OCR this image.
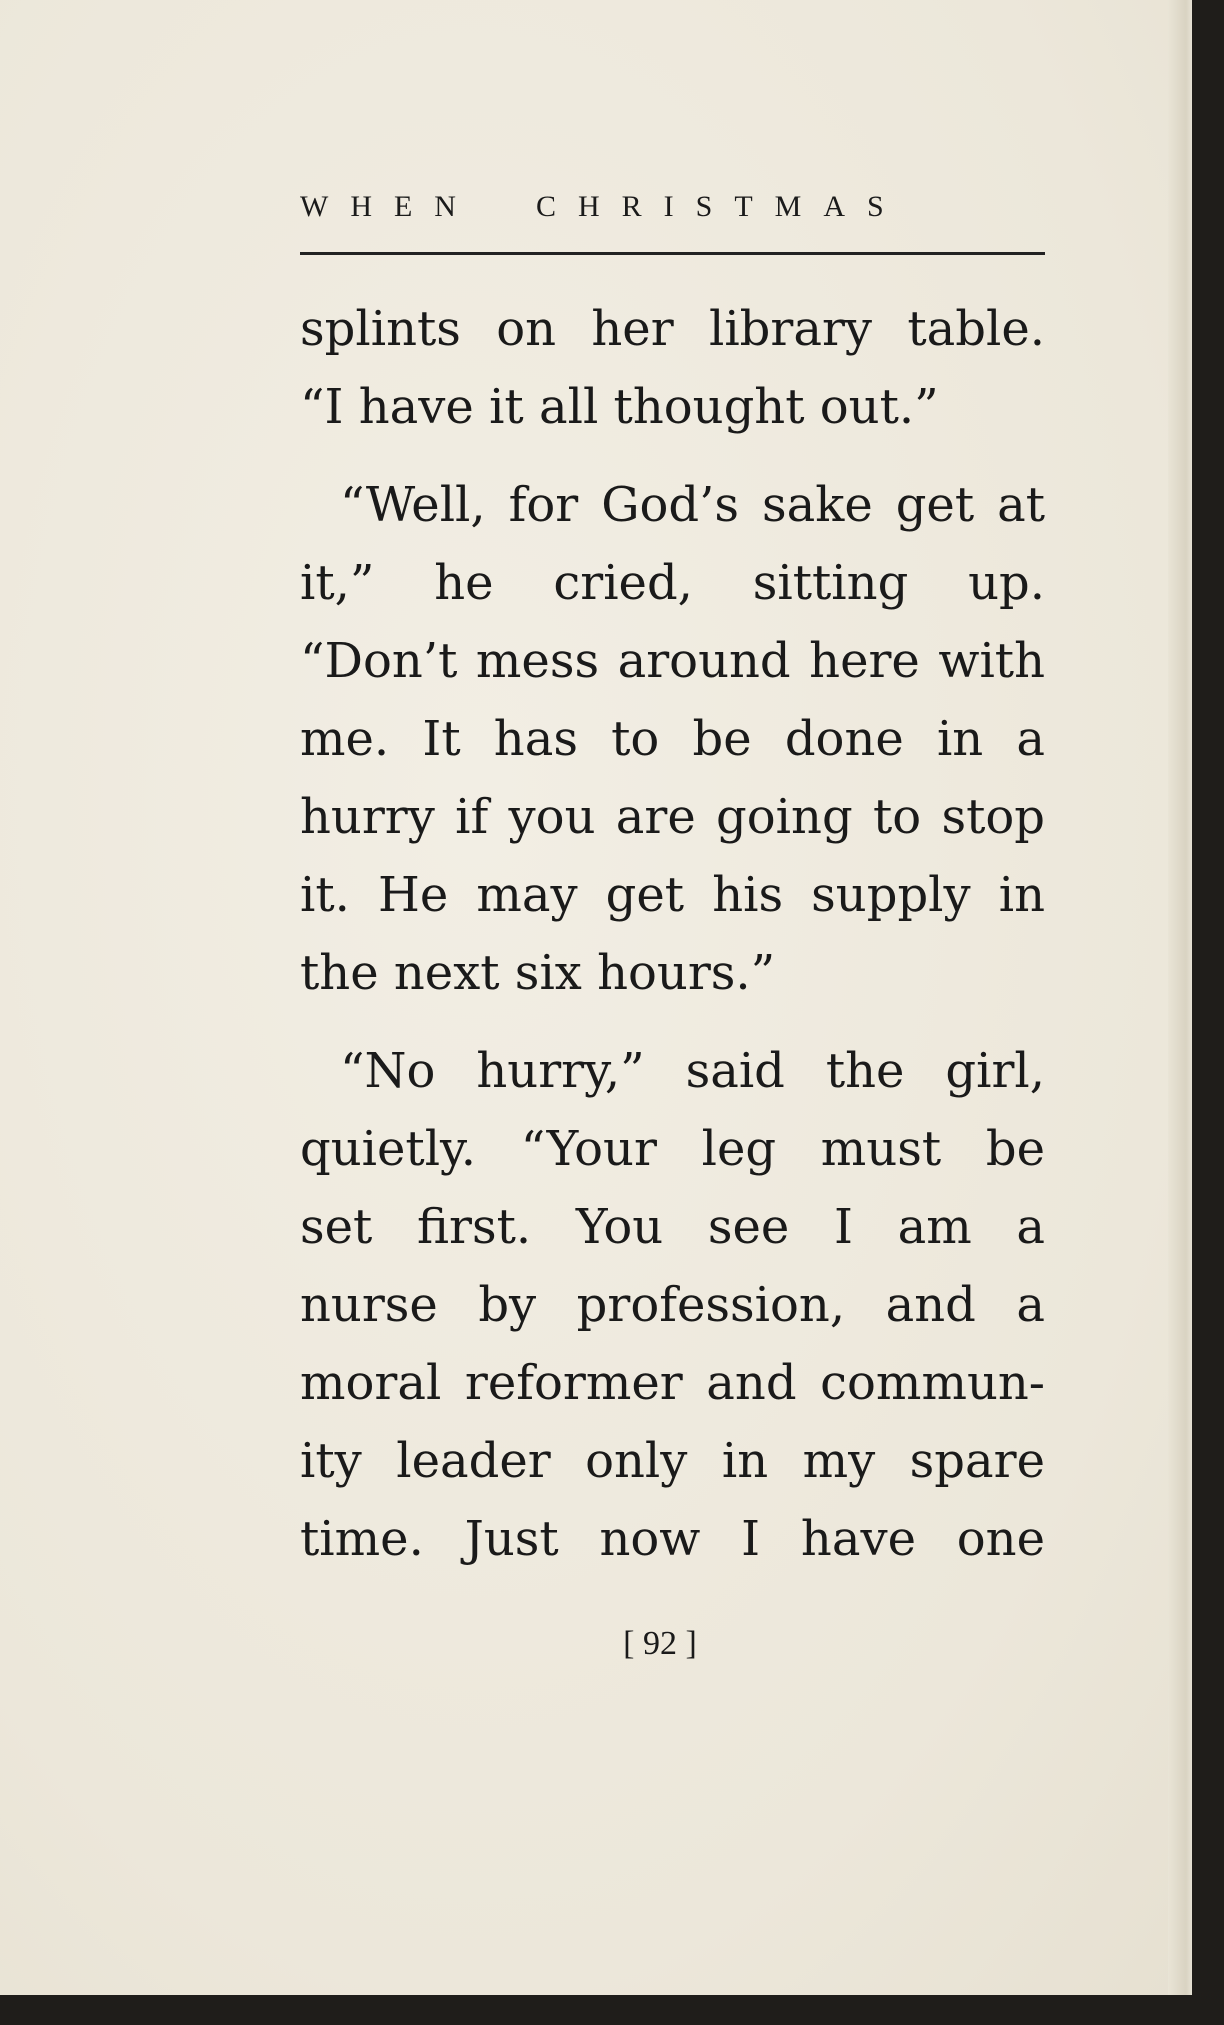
WHEN CHRISTMAS
splints on her library table.
“I have it all thought out.”
“Well, for God’s sake get at
it,” he cried, sitting up.
“Don’t mess around here with
me. It has to be done in a
hurry if you are going to stop
it. He may get his supply in
the next six hours.”
“No hurry,” said the girl,
quietly. “Your leg must be
set first. You see I am a
nurse by profession, and a
moral reformer and commun-
ity leader only in my spare
time. Just now I have one
[ 92 ]
